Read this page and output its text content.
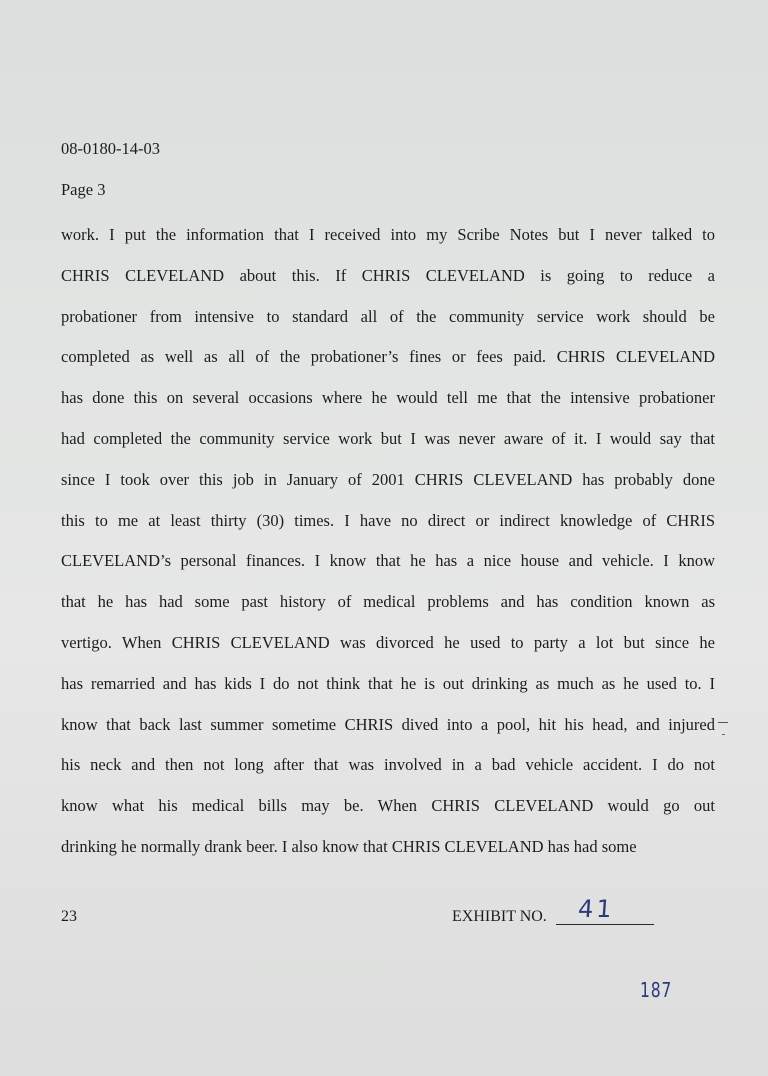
08-0180-14-03
Page 3
work. I put the information that I received into my Scribe Notes but I never talked to
CHRIS CLEVELAND about this. If CHRIS CLEVELAND is going to reduce a
probationer from intensive to standard all of the community service work should be
completed as well as all of the probationer’s fines or fees paid. CHRIS CLEVELAND
has done this on several occasions where he would tell me that the intensive probationer
had completed the community service work but I was never aware of it. I would say that
since I took over this job in January of 2001 CHRIS CLEVELAND has probably done
this to me at least thirty (30) times. I have no direct or indirect knowledge of CHRIS
CLEVELAND’s personal finances. I know that he has a nice house and vehicle. I know
that he has had some past history of medical problems and has condition known as
vertigo. When CHRIS CLEVELAND was divorced he used to party a lot but since he
has remarried and has kids I do not think that he is out drinking as much as he used to. I
know that back last summer sometime CHRIS dived into a pool, hit his head, and injured
his neck and then not long after that was involved in a bad vehicle accident. I do not
know what his medical bills may be. When CHRIS CLEVELAND would go out
drinking he normally drank beer. I also know that CHRIS CLEVELAND has had some
23	EXHIBIT NO. 41
187
